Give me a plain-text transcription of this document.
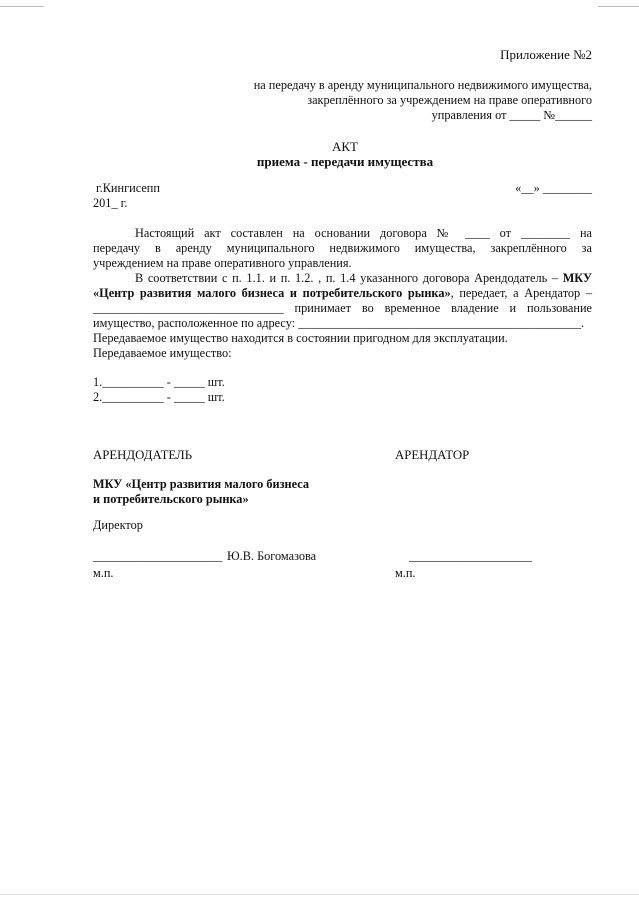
Приложение №2
на передачу в аренду муниципального недвижимого имущества,
закреплённого за учреждением на праве оперативного
управления от _____ №______
АКТ
приема - передачи имущества
г.Кингисепп	«__» ________
201_ г.
Настоящий акт составлен на основании договора № ____ от ________ на
передачу в аренду муниципального недвижимого имущества, закреплённого за
учреждением на праве оперативного управления.
В соответствии с п. 1.1. и п. 1.2. , п. 1.4 указанного договора Арендодатель – МКУ
«Центр развития малого бизнеса и потребительского рынка», передает, а Арендатор –
_______________________________ принимает во временное владение и пользование
имущество, расположенное по адресу: ______________________________________________.
Передаваемое имущество находится в состоянии пригодном для эксплуатации.
Передаваемое имущество:
1.__________ - _____ шт.
2.__________ - _____ шт.
АРЕНДОДАТЕЛЬ	АРЕНДАТОР
МКУ «Центр развития малого бизнеса
и потребительского рынка»
Директор
_____________________ Ю.В. Богомазова	____________________
м.п.	м.п.
